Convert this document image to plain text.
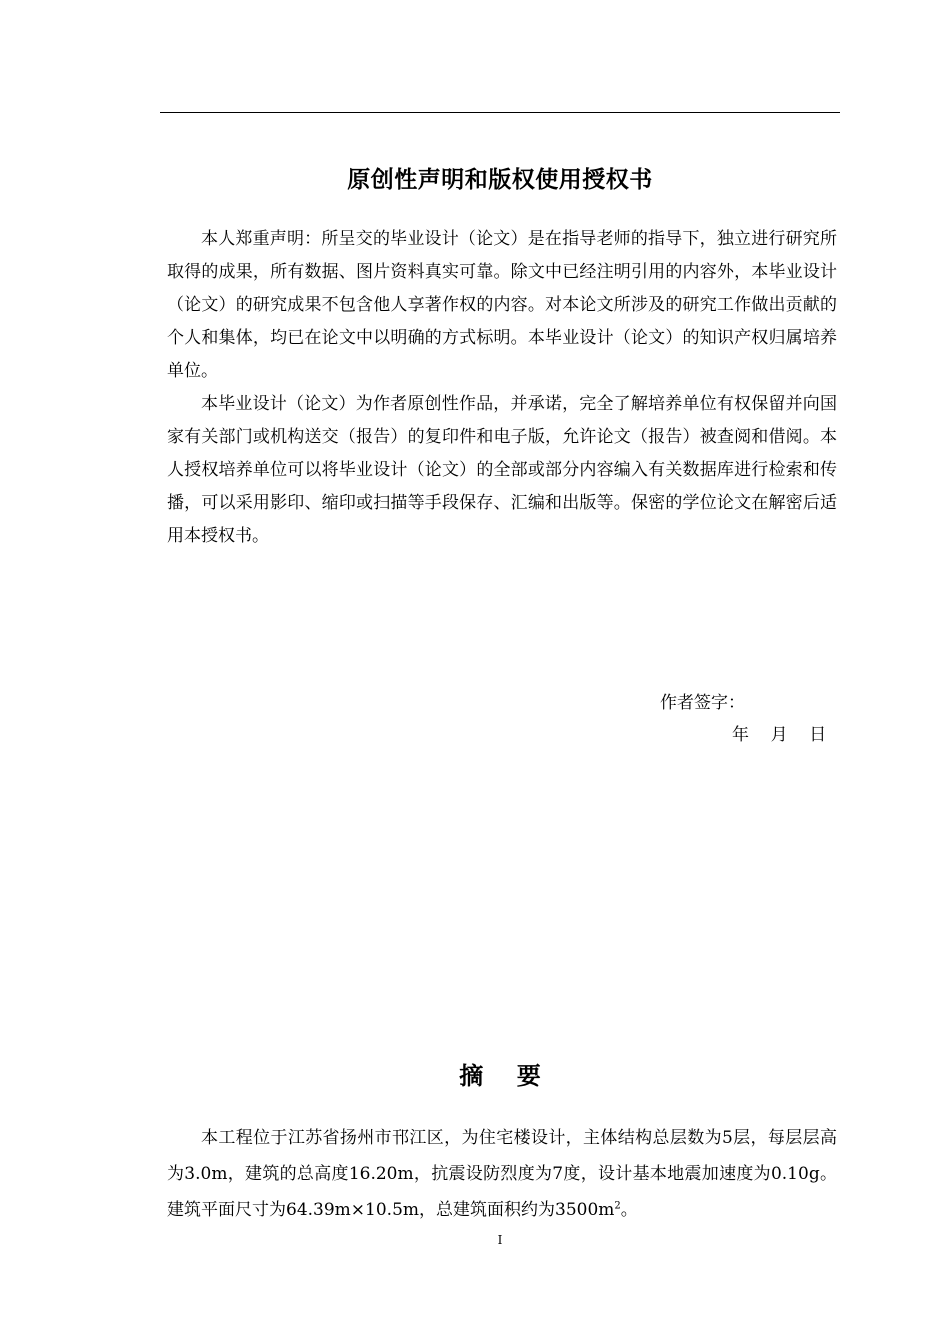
原创性声明和版权使用授权书

本人郑重声明：所呈交的毕业设计（论文）是在指导老师的指导下，独立进行研究所取得的成果，所有数据、图片资料真实可靠。除文中已经注明引用的内容外，本毕业设计（论文）的研究成果不包含他人享著作权的内容。对本论文所涉及的研究工作做出贡献的个人和集体，均已在论文中以明确的方式标明。本毕业设计（论文）的知识产权归属培养单位。

本毕业设计（论文）为作者原创性作品，并承诺，完全了解培养单位有权保留并向国家有关部门或机构送交（报告）的复印件和电子版，允许论文（报告）被查阅和借阅。本人授权培养单位可以将毕业设计（论文）的全部或部分内容编入有关数据库进行检索和传播，可以采用影印、缩印或扫描等手段保存、汇编和出版等。保密的学位论文在解密后适用本授权书。

作者签字：
年    月    日
摘    要

本工程位于江苏省扬州市邗江区，为住宅楼设计，主体结构总层数为5层，每层层高为3.0m，建筑的总高度16.20m，抗震设防烈度为7度，设计基本地震加速度为0.10g。建筑平面尺寸为64.39m×10.5m，总建筑面积约为$3500m^2$。

I
